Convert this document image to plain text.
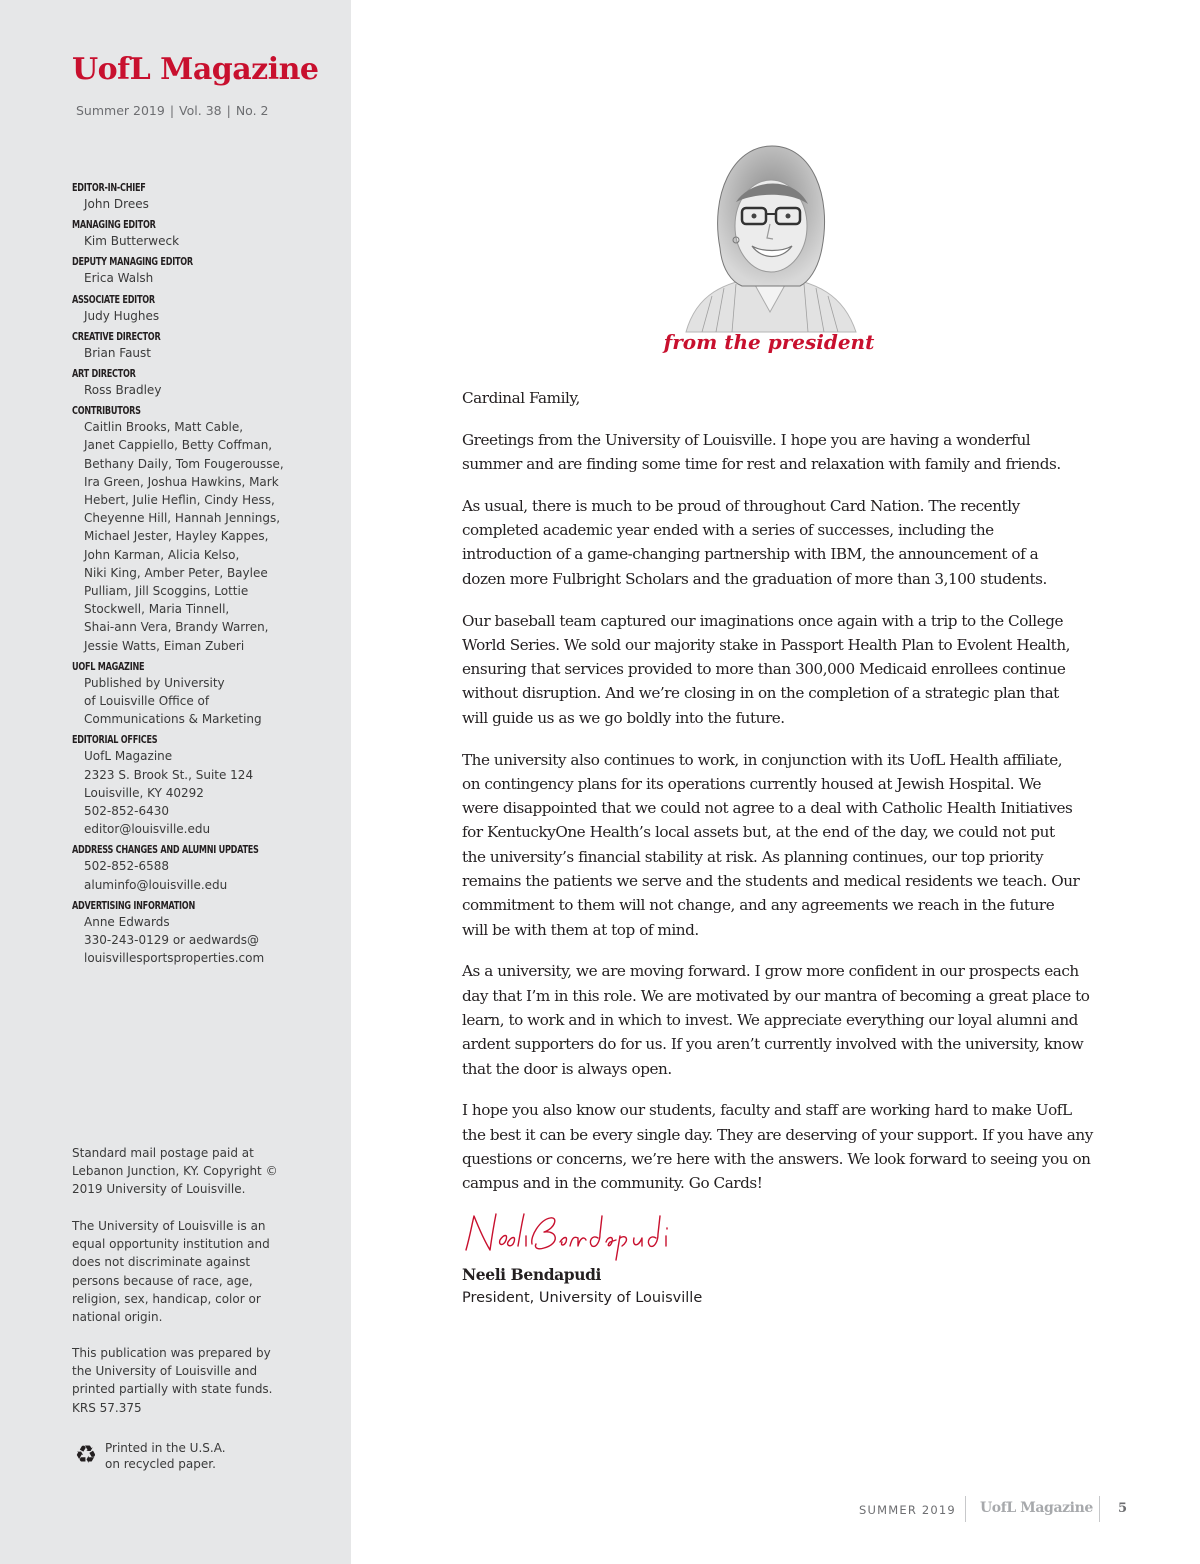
UofL Magazine
Summer 2019 | Vol. 38 | No. 2
EDITOR-IN-CHIEF
John Drees
MANAGING EDITOR
Kim Butterweck
DEPUTY MANAGING EDITOR
Erica Walsh
ASSOCIATE EDITOR
Judy Hughes
CREATIVE DIRECTOR
Brian Faust
ART DIRECTOR
Ross Bradley
CONTRIBUTORS
Caitlin Brooks, Matt Cable,
Janet Cappiello, Betty Coffman,
Bethany Daily, Tom Fougerousse,
Ira Green, Joshua Hawkins, Mark
Hebert, Julie Heflin, Cindy Hess,
Cheyenne Hill, Hannah Jennings,
Michael Jester, Hayley Kappes,
John Karman, Alicia Kelso,
Niki King, Amber Peter, Baylee
Pulliam, Jill Scoggins, Lottie
Stockwell, Maria Tinnell,
Shai-ann Vera, Brandy Warren,
Jessie Watts, Eiman Zuberi
UOFL MAGAZINE
Published by University
of Louisville Office of
Communications & Marketing
EDITORIAL OFFICES
UofL Magazine
2323 S. Brook St., Suite 124
Louisville, KY 40292
502-852-6430
editor@louisville.edu
ADDRESS CHANGES AND ALUMNI UPDATES
502-852-6588
aluminfo@louisville.edu
ADVERTISING INFORMATION
Anne Edwards
330-243-0129 or aedwards@
louisvillesportsproperties.com
Standard mail postage paid at
Lebanon Junction, KY. Copyright ©
2019 University of Louisville.
The University of Louisville is an
equal opportunity institution and
does not discriminate against
persons because of race, age,
religion, sex, handicap, color or
national origin.
This publication was prepared by
the University of Louisville and
printed partially with state funds.
KRS 57.375
♻ Printed in the U.S.A.
on recycled paper.
from the president

Cardinal Family,

Greetings from the University of Louisville. I hope you are having a wonderful
summer and are finding some time for rest and relaxation with family and friends.

As usual, there is much to be proud of throughout Card Nation. The recently
completed academic year ended with a series of successes, including the
introduction of a game-changing partnership with IBM, the announcement of a
dozen more Fulbright Scholars and the graduation of more than 3,100 students.

Our baseball team captured our imaginations once again with a trip to the College
World Series. We sold our majority stake in Passport Health Plan to Evolent Health,
ensuring that services provided to more than 300,000 Medicaid enrollees continue
without disruption. And we’re closing in on the completion of a strategic plan that
will guide us as we go boldly into the future.

The university also continues to work, in conjunction with its UofL Health affiliate,
on contingency plans for its operations currently housed at Jewish Hospital. We
were disappointed that we could not agree to a deal with Catholic Health Initiatives
for KentuckyOne Health’s local assets but, at the end of the day, we could not put
the university’s financial stability at risk. As planning continues, our top priority
remains the patients we serve and the students and medical residents we teach. Our
commitment to them will not change, and any agreements we reach in the future
will be with them at top of mind.

As a university, we are moving forward. I grow more confident in our prospects each
day that I’m in this role. We are motivated by our mantra of becoming a great place to
learn, to work and in which to invest. We appreciate everything our loyal alumni and
ardent supporters do for us. If you aren’t currently involved with the university, know
that the door is always open.

I hope you also know our students, faculty and staff are working hard to make UofL
the best it can be every single day. They are deserving of your support. If you have any
questions or concerns, we’re here with the answers. We look forward to seeing you on
campus and in the community. Go Cards!

Neeli Bendapudi
President, University of Louisville
SUMMER 2019 UofL Magazine 5
